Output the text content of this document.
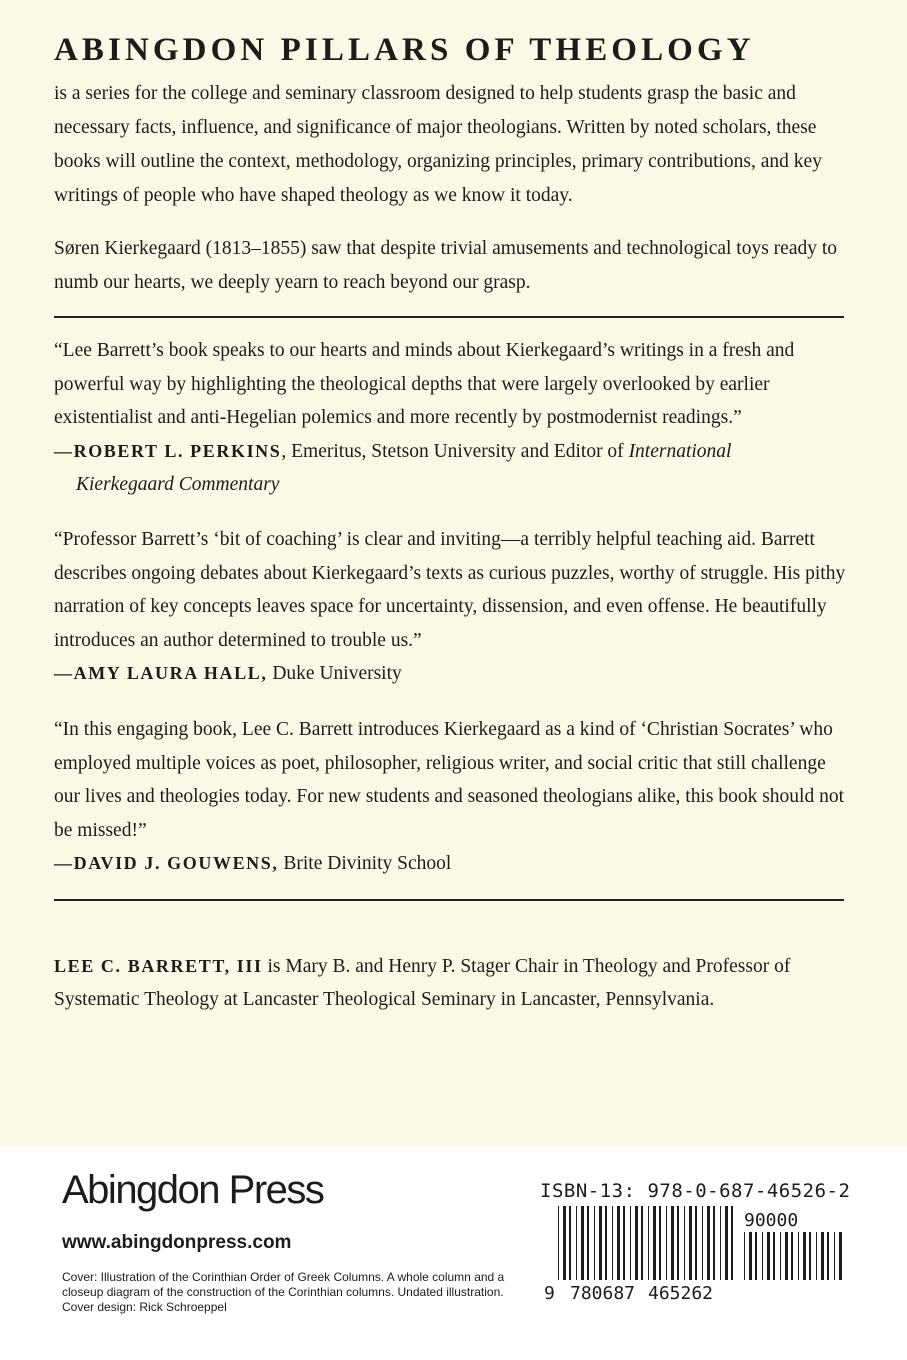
ABINGDON PILLARS OF THEOLOGY
is a series for the college and seminary classroom designed to help students grasp the basic and necessary facts, influence, and significance of major theologians. Written by noted scholars, these books will outline the context, methodology, organizing principles, primary contributions, and key writings of people who have shaped theology as we know it today.
Søren Kierkegaard (1813–1855) saw that despite trivial amusements and technological toys ready to numb our hearts, we deeply yearn to reach beyond our grasp.
“Lee Barrett’s book speaks to our hearts and minds about Kierkegaard’s writings in a fresh and powerful way by highlighting the theological depths that were largely overlooked by earlier existentialist and anti-Hegelian polemics and more recently by postmodernist readings.”
—ROBERT L. PERKINS, Emeritus, Stetson University and Editor of International
Kierkegaard Commentary
“Professor Barrett’s ‘bit of coaching’ is clear and inviting—a terribly helpful teaching aid. Barrett describes ongoing debates about Kierkegaard’s texts as curious puzzles, worthy of struggle. His pithy narration of key concepts leaves space for uncertainty, dissension, and even offense. He beautifully introduces an author determined to trouble us.”
—AMY LAURA HALL, Duke University
“In this engaging book, Lee C. Barrett introduces Kierkegaard as a kind of ‘Christian Socrates’ who employed multiple voices as poet, philosopher, religious writer, and social critic that still challenge our lives and theologies today. For new students and seasoned theologians alike, this book should not be missed!”
—DAVID J. GOUWENS, Brite Divinity School
LEE C. BARRETT, III is Mary B. and Henry P. Stager Chair in Theology and Professor of Systematic Theology at Lancaster Theological Seminary in Lancaster, Pennsylvania.
Abingdon Press
www.abingdonpress.com
Cover: Illustration of the Corinthian Order of Greek Columns. A whole column and a closeup diagram of the construction of the Corinthian columns. Undated illustration.
Cover design: Rick Schroeppel
ISBN-13: 978-0-687-46526-2
9 780687 465262
90000
